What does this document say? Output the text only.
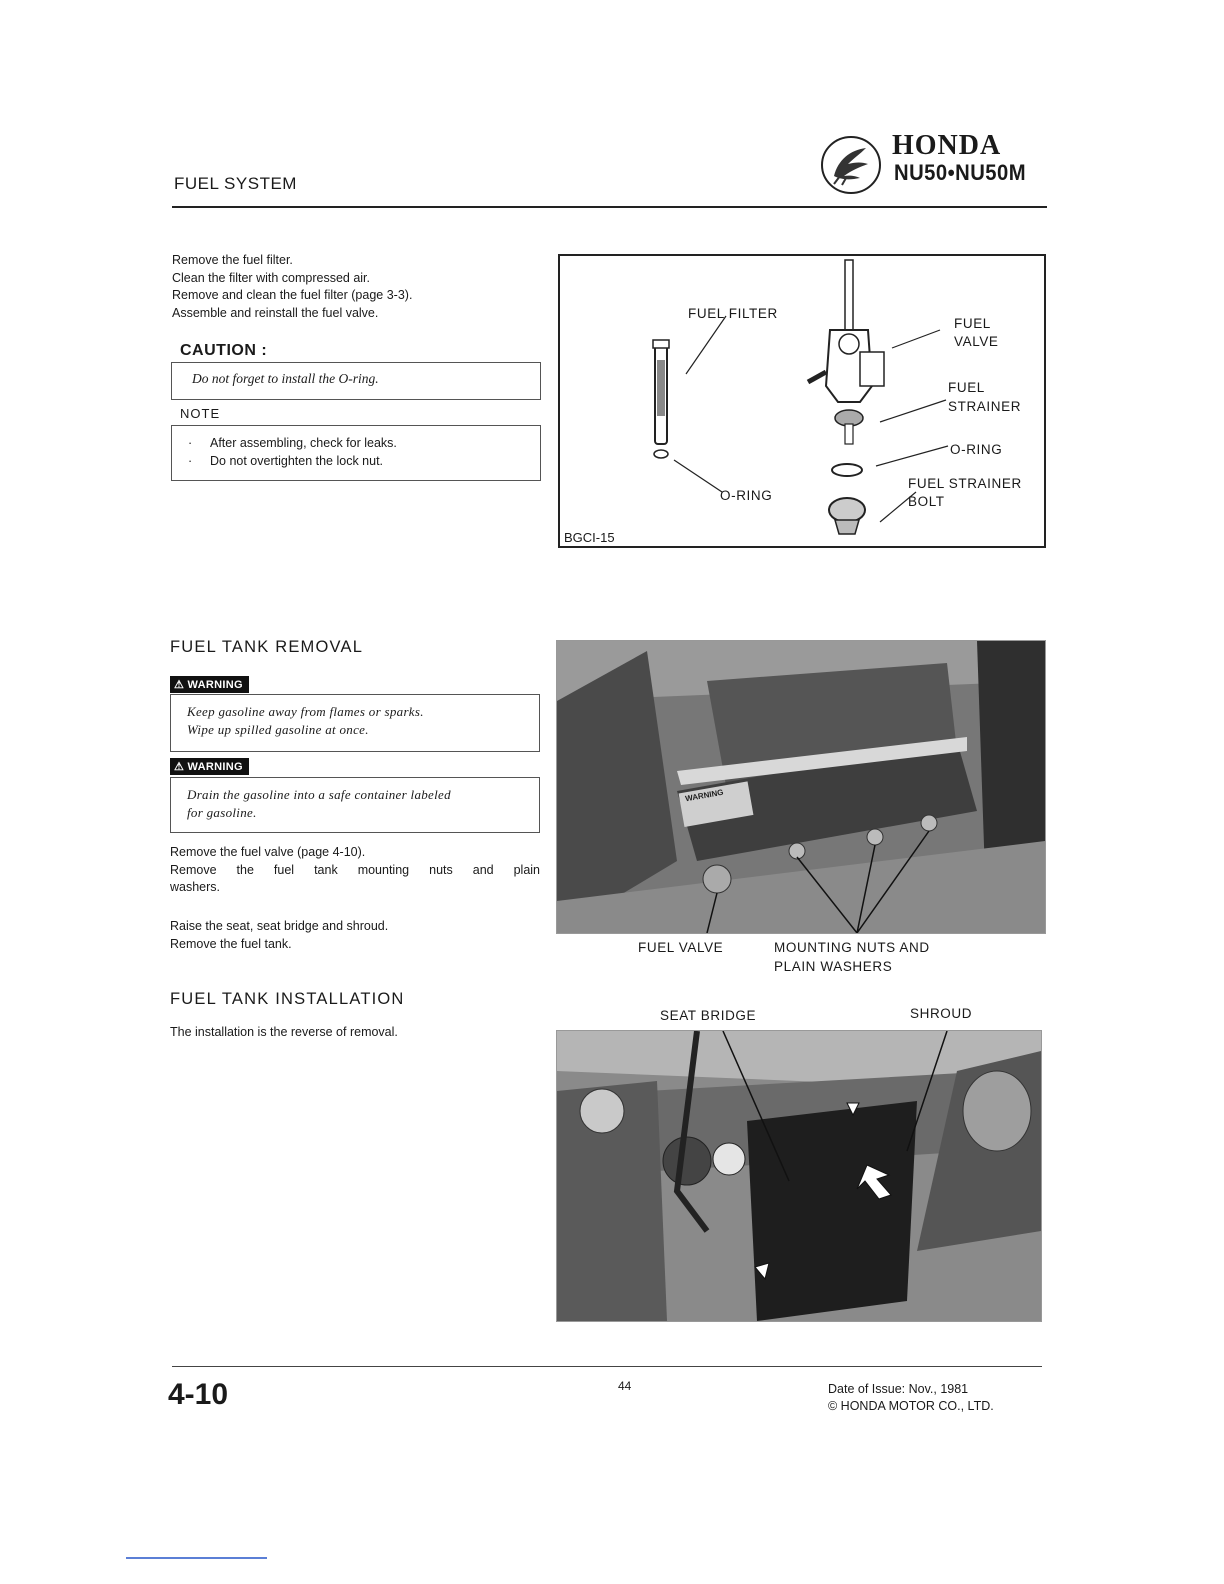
FUEL SYSTEM
HONDA
NU50•NU50M
Remove the fuel filter.
Clean the filter with compressed air.
Remove and clean the fuel filter (page 3-3).
Assemble and reinstall the fuel valve.
CAUTION :
Do not forget to install the O-ring.
NOTE
· After assembling, check for leaks.
· Do not overtighten the lock nut.
FUEL FILTER
FUEL
VALVE
FUEL
STRAINER
O-RING
O-RING
FUEL STRAINER
BOLT
BGCI-15
FUEL TANK REMOVAL
⚠ WARNING
Keep gasoline away from flames or sparks.
Wipe up spilled gasoline at once.
⚠ WARNING
Drain the gasoline into a safe container labeled
for gasoline.
Remove the fuel valve (page 4-10).
Remove the fuel tank mounting nuts and plain
washers.
Raise the seat, seat bridge and shroud.
Remove the fuel tank.
WARNING
FUEL VALVE	MOUNTING NUTS AND
PLAIN WASHERS
FUEL TANK INSTALLATION
The installation is the reverse of removal.
SEAT BRIDGE	SHROUD
4-10	44	Date of Issue: Nov., 1981
© HONDA MOTOR CO., LTD.
